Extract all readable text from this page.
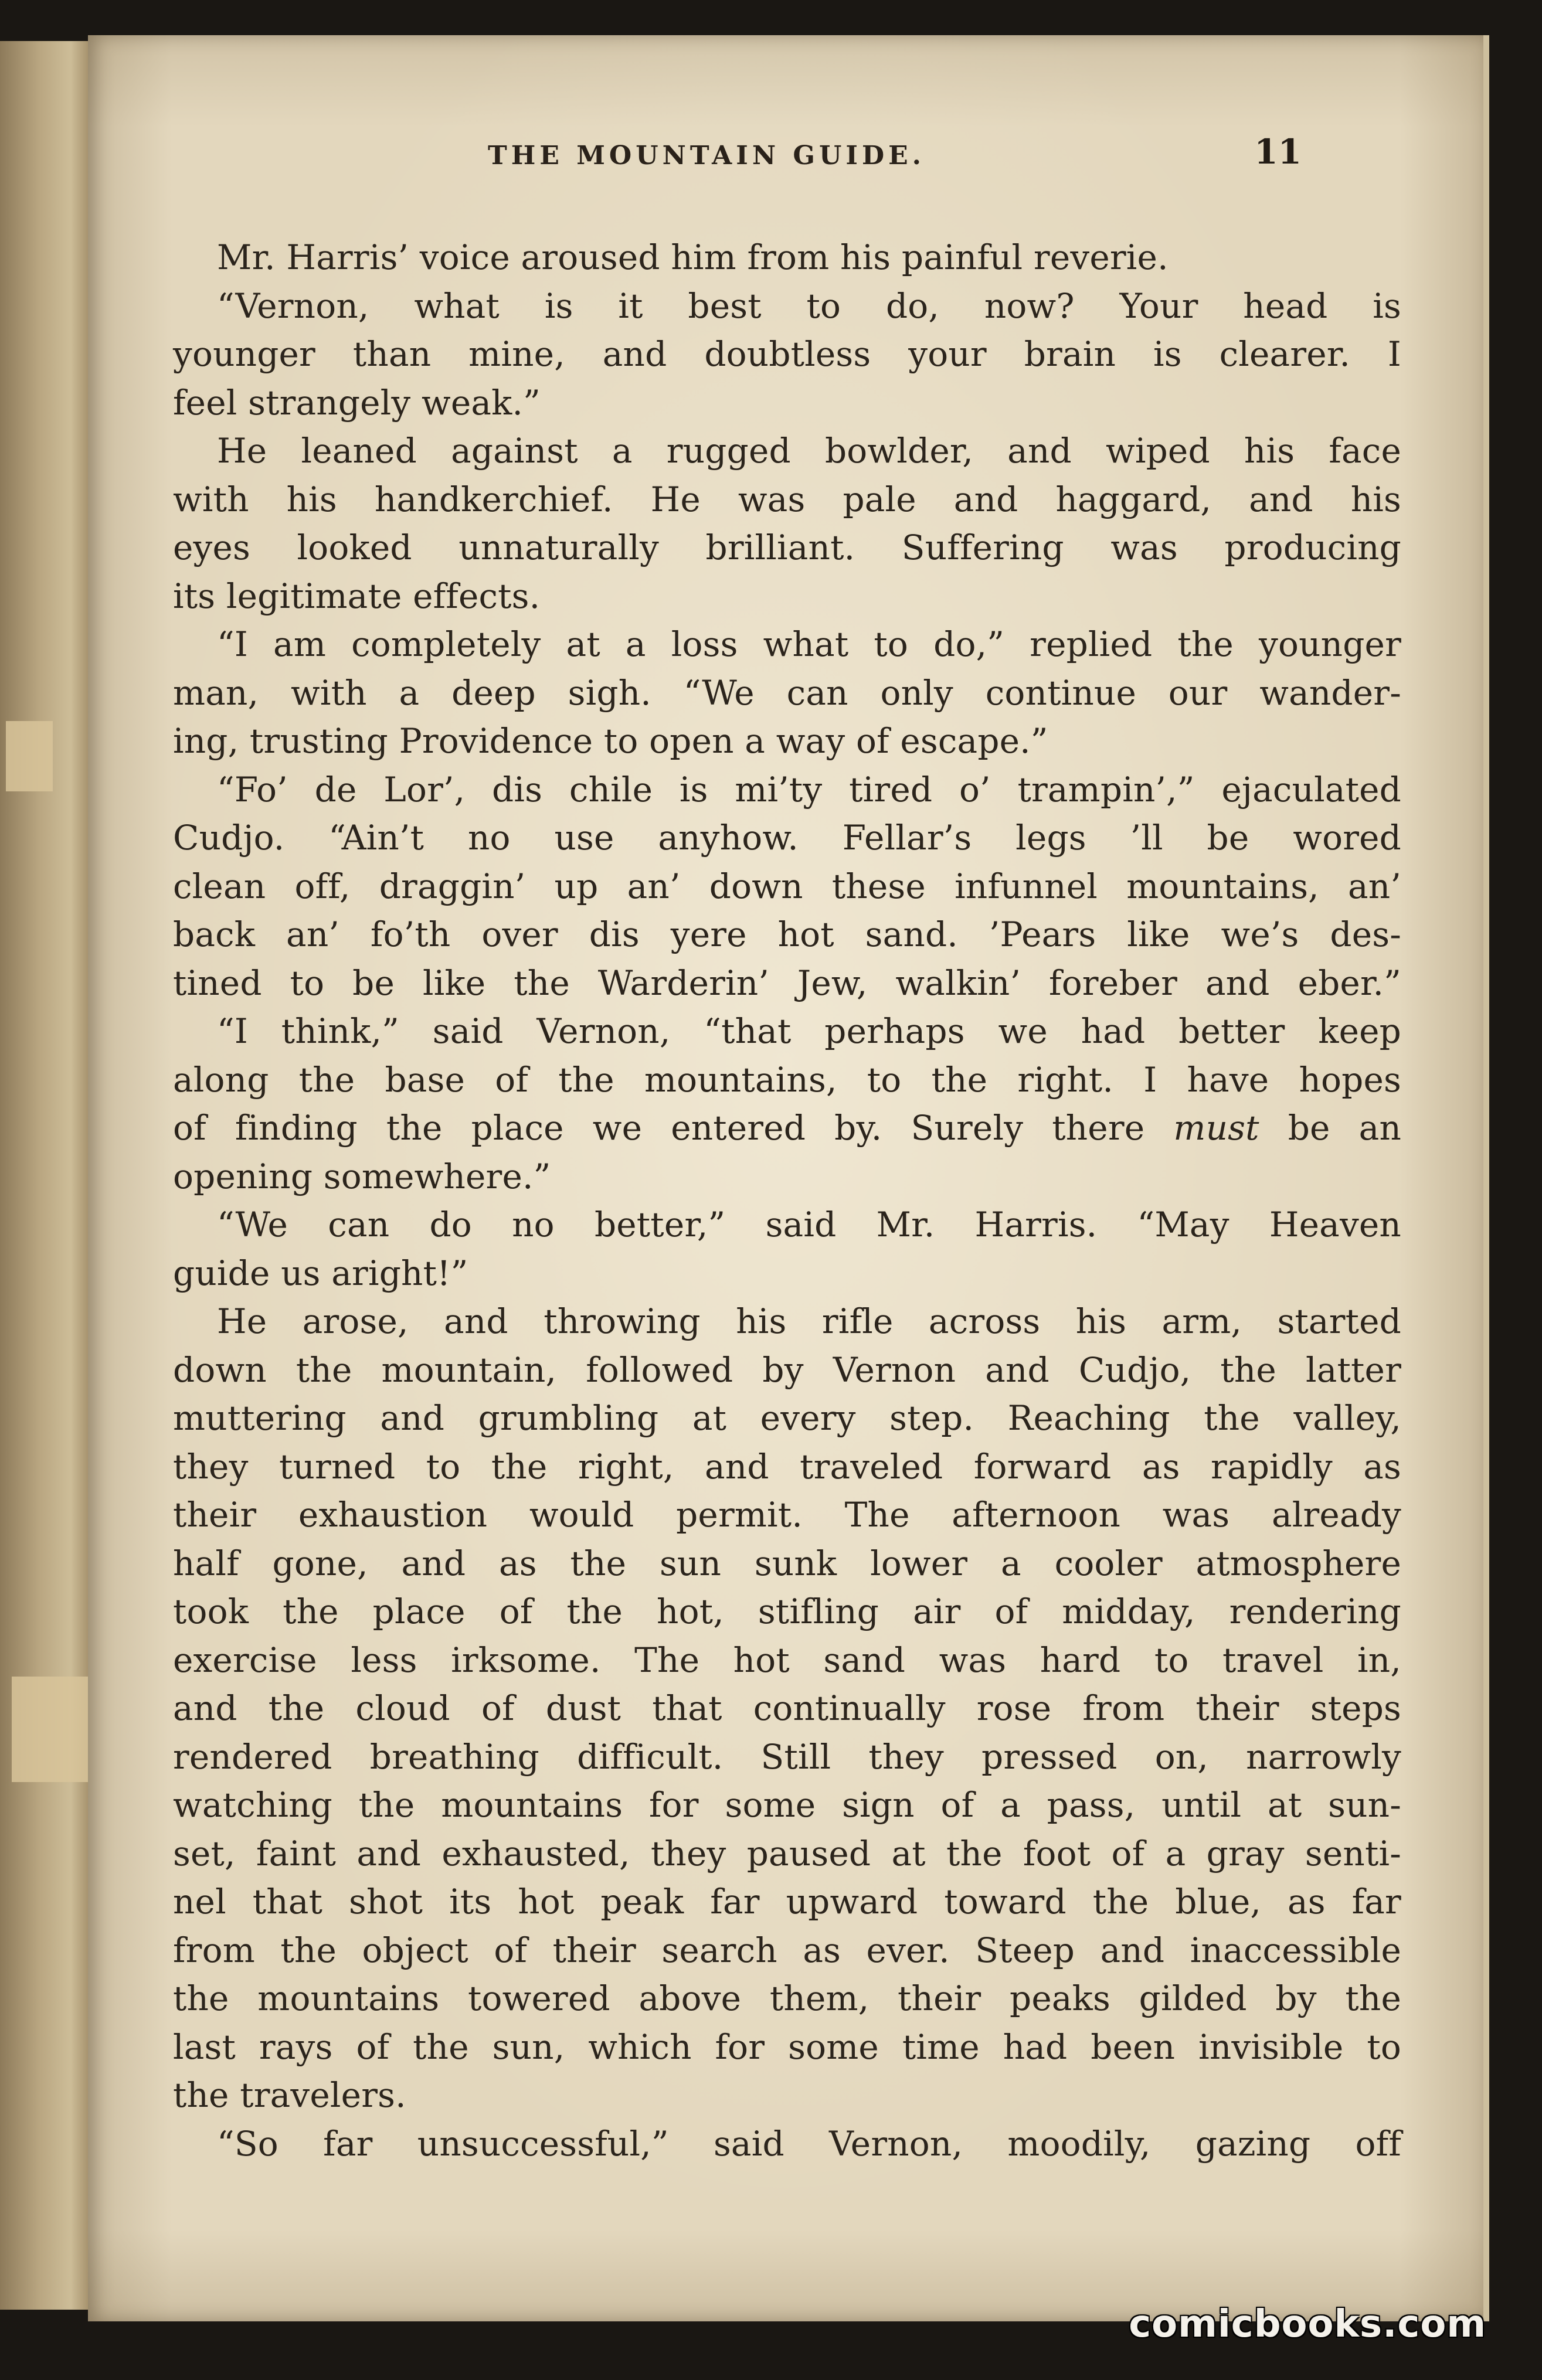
THE MOUNTAIN GUIDE.	11
Mr. Harris’ voice aroused him from his painful reverie.
“Vernon, what is it best to do, now? Your head is
younger than mine, and doubtless your brain is clearer. I
feel strangely weak.”
He leaned against a rugged bowlder, and wiped his face
with his handkerchief. He was pale and haggard, and his
eyes looked unnaturally brilliant. Suffering was producing
its legitimate effects.
“I am completely at a loss what to do,” replied the younger
man, with a deep sigh. “We can only continue our wander-
ing, trusting Providence to open a way of escape.”
“Fo’ de Lor’, dis chile is mi’ty tired o’ trampin’,” ejaculated
Cudjo. “Ain’t no use anyhow. Fellar’s legs ’ll be wored
clean off, draggin’ up an’ down these infunnel mountains, an’
back an’ fo’th over dis yere hot sand. ’Pears like we’s des-
tined to be like the Warderin’ Jew, walkin’ foreber and eber.”
“I think,” said Vernon, “that perhaps we had better keep
along the base of the mountains, to the right. I have hopes
of finding the place we entered by. Surely there must be an
opening somewhere.”
“We can do no better,” said Mr. Harris. “May Heaven
guide us aright!”
He arose, and throwing his rifle across his arm, started
down the mountain, followed by Vernon and Cudjo, the latter
muttering and grumbling at every step. Reaching the valley,
they turned to the right, and traveled forward as rapidly as
their exhaustion would permit. The afternoon was already
half gone, and as the sun sunk lower a cooler atmosphere
took the place of the hot, stifling air of midday, rendering
exercise less irksome. The hot sand was hard to travel in,
and the cloud of dust that continually rose from their steps
rendered breathing difficult. Still they pressed on, narrowly
watching the mountains for some sign of a pass, until at sun-
set, faint and exhausted, they paused at the foot of a gray senti-
nel that shot its hot peak far upward toward the blue, as far
from the object of their search as ever. Steep and inaccessible
the mountains towered above them, their peaks gilded by the
last rays of the sun, which for some time had been invisible to
the travelers.
“So far unsuccessful,” said Vernon, moodily, gazing off
comicbooks.com
